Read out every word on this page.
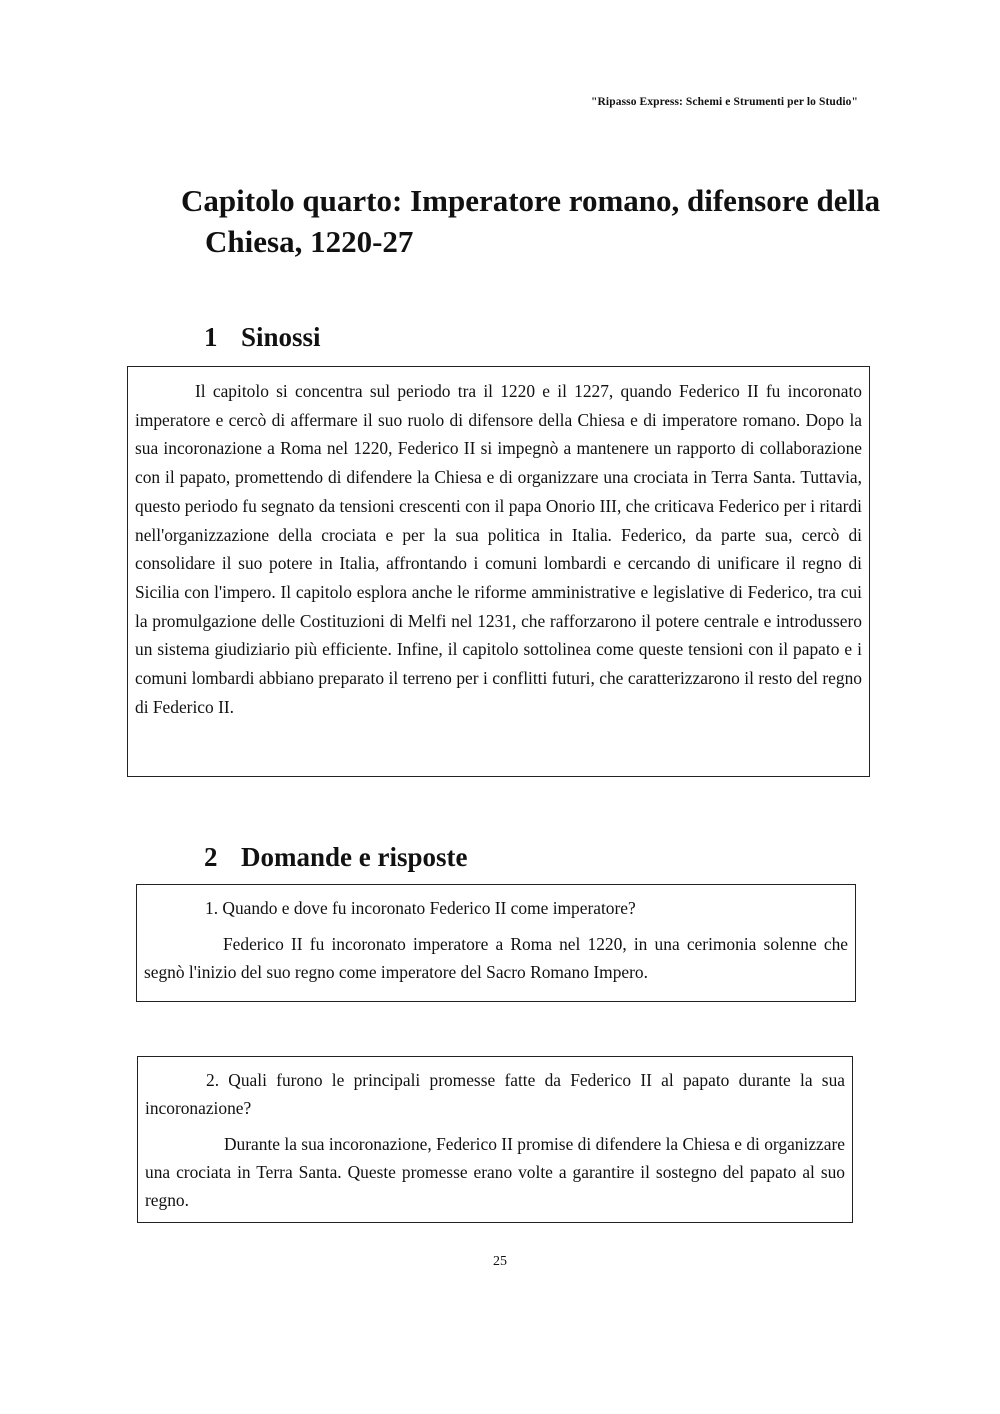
"Ripasso Express: Schemi e Strumenti per lo Studio"
Capitolo quarto: Imperatore romano, difensore della Chiesa, 1220-27
1 Sinossi

Il capitolo si concentra sul periodo tra il 1220 e il 1227, quando Federico II fu incoronato imperatore e cercò di affermare il suo ruolo di difensore della Chiesa e di imperatore romano. Dopo la sua incoronazione a Roma nel 1220, Federico II si impegnò a mantenere un rapporto di collaborazione con il papato, promettendo di difendere la Chiesa e di organizzare una crociata in Terra Santa. Tuttavia, questo periodo fu segnato da tensioni crescenti con il papa Onorio III, che criticava Federico per i ritardi nell'organizzazione della crociata e per la sua politica in Italia. Federico, da parte sua, cercò di consolidare il suo potere in Italia, affrontando i comuni lombardi e cercando di unificare il regno di Sicilia con l'impero. Il capitolo esplora anche le riforme amministrative e legislative di Federico, tra cui la promulgazione delle Costituzioni di Melfi nel 1231, che rafforzarono il potere centrale e introdussero un sistema giudiziario più efficiente. Infine, il capitolo sottolinea come queste tensioni con il papato e i comuni lombardi abbiano preparato il terreno per i conflitti futuri, che caratterizzarono il resto del regno di Federico II.

2 Domande e risposte

1. Quando e dove fu incoronato Federico II come imperatore?

Federico II fu incoronato imperatore a Roma nel 1220, in una cerimonia solenne che segnò l'inizio del suo regno come imperatore del Sacro Romano Impero.

2. Quali furono le principali promesse fatte da Federico II al papato durante la sua incoronazione?

Durante la sua incoronazione, Federico II promise di difendere la Chiesa e di organizzare una crociata in Terra Santa. Queste promesse erano volte a garantire il sostegno del papato al suo regno.

25
